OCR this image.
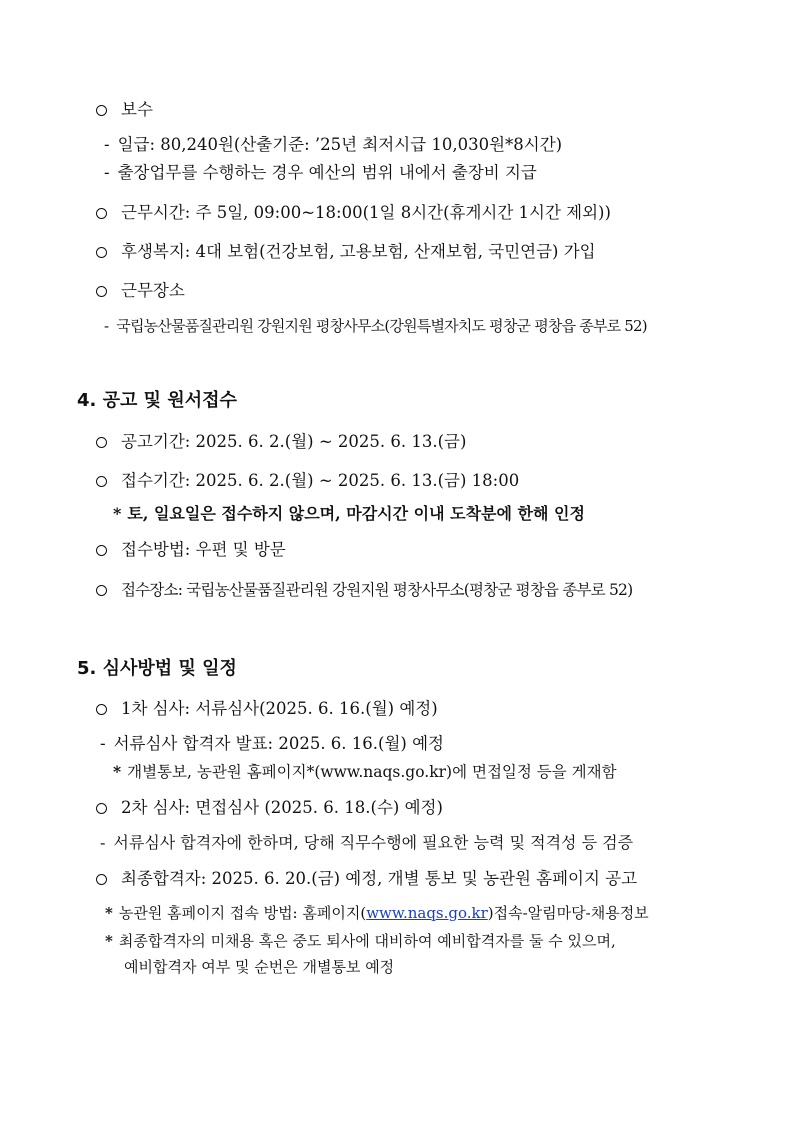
보수
- 일급: 80,240원(산출기준: ’25년 최저시급 10,030원*8시간)
- 출장업무를 수행하는 경우 예산의 범위 내에서 출장비 지급
근무시간: 주 5일, 09:00~18:00(1일 8시간(휴게시간 1시간 제외))
후생복지: 4대 보험(건강보험, 고용보험, 산재보험, 국민연금) 가입
근무장소
- 국립농산물품질관리원 강원지원 평창사무소(강원특별자치도 평창군 평창읍 종부로 52)
4. 공고 및 원서접수
공고기간: 2025. 6. 2.(월) ~ 2025. 6. 13.(금)
접수기간: 2025. 6. 2.(월) ~ 2025. 6. 13.(금) 18:00
* 토, 일요일은 접수하지 않으며, 마감시간 이내 도착분에 한해 인정
접수방법: 우편 및 방문
접수장소: 국립농산물품질관리원 강원지원 평창사무소(평창군 평창읍 종부로 52)
5. 심사방법 및 일정
1차 심사: 서류심사(2025. 6. 16.(월) 예정)
- 서류심사 합격자 발표: 2025. 6. 16.(월) 예정
* 개별통보, 농관원 홈페이지*(www.naqs.go.kr)에 면접일정 등을 게재함
2차 심사: 면접심사 (2025. 6. 18.(수) 예정)
- 서류심사 합격자에 한하며, 당해 직무수행에 필요한 능력 및 적격성 등 검증
최종합격자: 2025. 6. 20.(금) 예정, 개별 통보 및 농관원 홈페이지 공고
* 농관원 홈페이지 접속 방법: 홈페이지(www.naqs.go.kr)접속-알림마당-채용정보
* 최종합격자의 미채용 혹은 중도 퇴사에 대비하여 예비합격자를 둘 수 있으며,
예비합격자 여부 및 순번은 개별통보 예정
